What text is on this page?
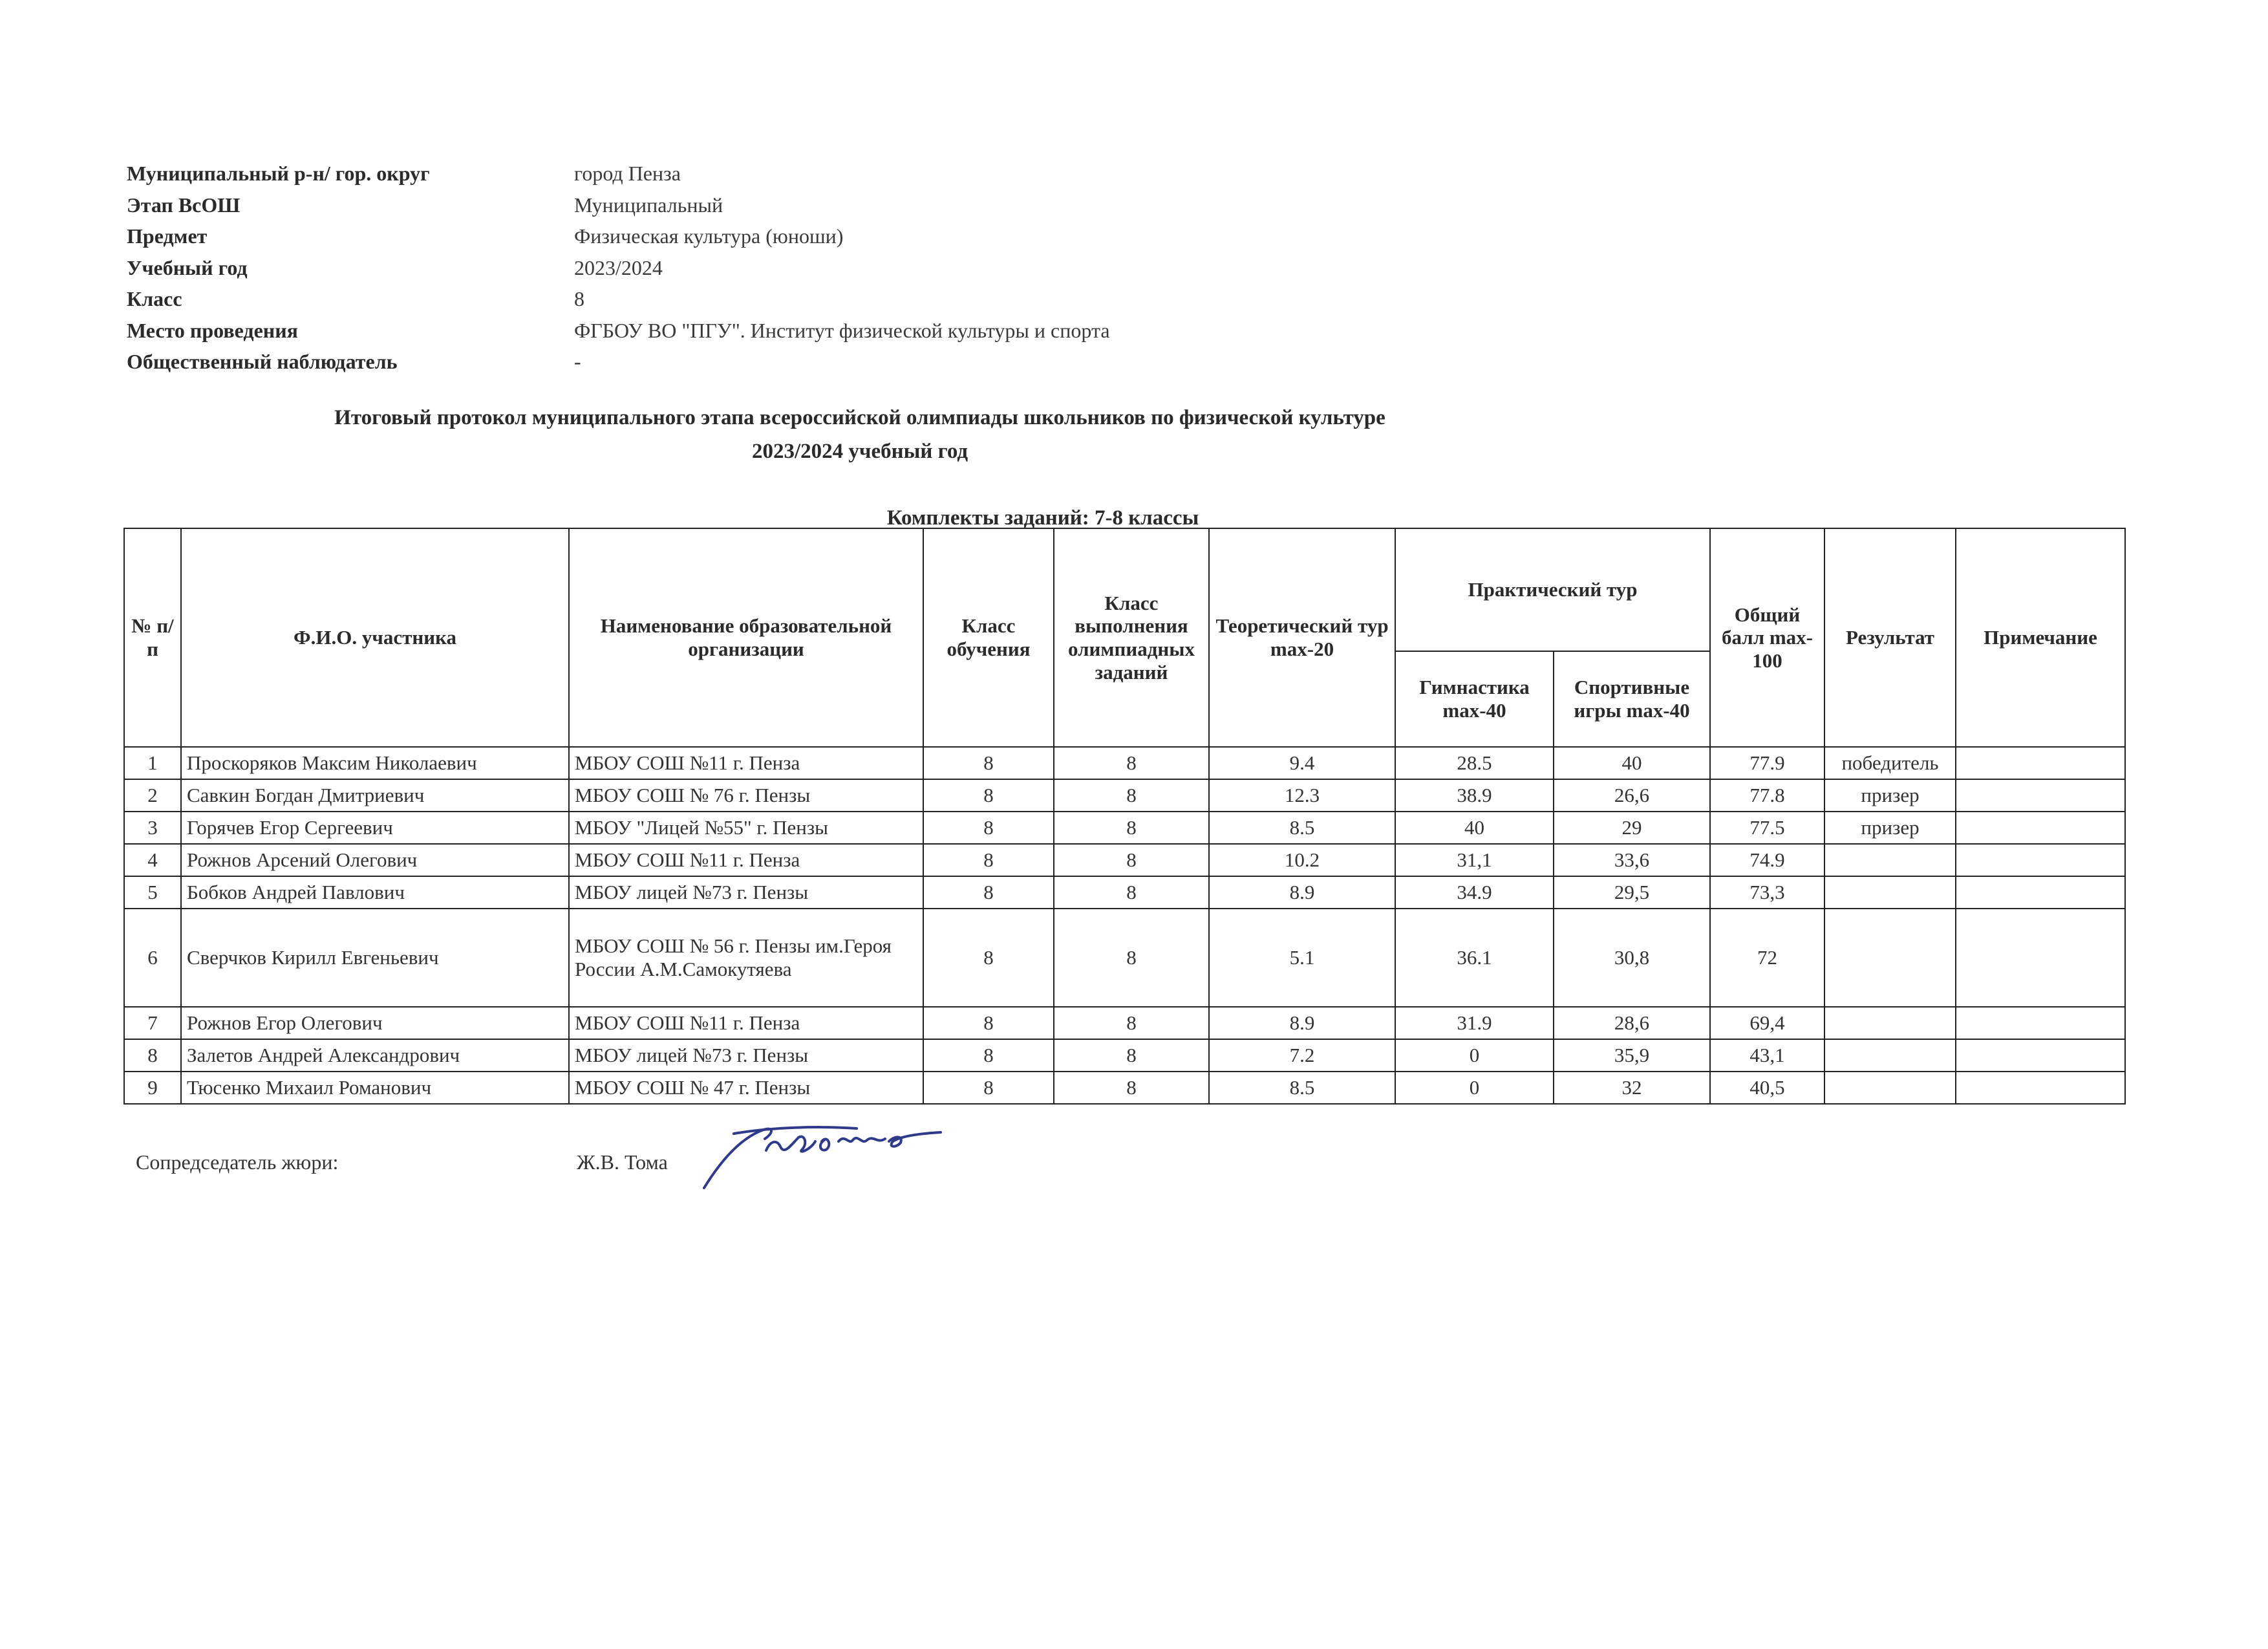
Муниципальный р-н/ гор. округ	город Пенза
Этап ВсОШ	Муниципальный
Предмет	Физическая культура (юноши)
Учебный год	2023/2024
Класс	8
Место проведения	ФГБОУ ВО "ПГУ". Институт физической культуры и спорта
Общественный наблюдатель	-
Итоговый протокол муниципального этапа всероссийской олимпиады школьников по физической культуре
2023/2024 учебный год
Комплекты заданий: 7-8 классы
№ п/п	Ф.И.О. участника	Наименование образовательной организации	Класс обучения	Класс выполнения олимпиадных заданий	Теоретический тур max-20	Практический тур		Общий балл max-100	Результат	Примечание
						Гимнастика max-40	Спортивные игры max-40			
1	Проскоряков Максим Николаевич	МБОУ СОШ №11 г. Пенза	8	8	9.4	28.5	40	77.9	победитель	
2	Савкин Богдан Дмитриевич	МБОУ СОШ № 76 г. Пензы	8	8	12.3	38.9	26,6	77.8	призер	
3	Горячев Егор Сергеевич	МБОУ "Лицей №55" г. Пензы	8	8	8.5	40	29	77.5	призер	
4	Рожнов Арсений Олегович	МБОУ СОШ №11 г. Пенза	8	8	10.2	31,1	33,6	74.9		
5	Бобков Андрей Павлович	МБОУ лицей №73 г. Пензы	8	8	8.9	34.9	29,5	73,3		
6	Сверчков Кирилл Евгеньевич	МБОУ СОШ № 56 г. Пензы им.Героя России А.М.Самокутяева	8	8	5.1	36.1	30,8	72		
7	Рожнов Егор Олегович	МБОУ СОШ №11 г. Пенза	8	8	8.9	31.9	28,6	69,4		
8	Залетов Андрей Александрович	МБОУ лицей №73 г. Пензы	8	8	7.2	0	35,9	43,1		
9	Тюсенко Михаил Романович	МБОУ СОШ № 47 г. Пензы	8	8	8.5	0	32	40,5		
Сопредседатель жюри:	Ж.В. Тома
